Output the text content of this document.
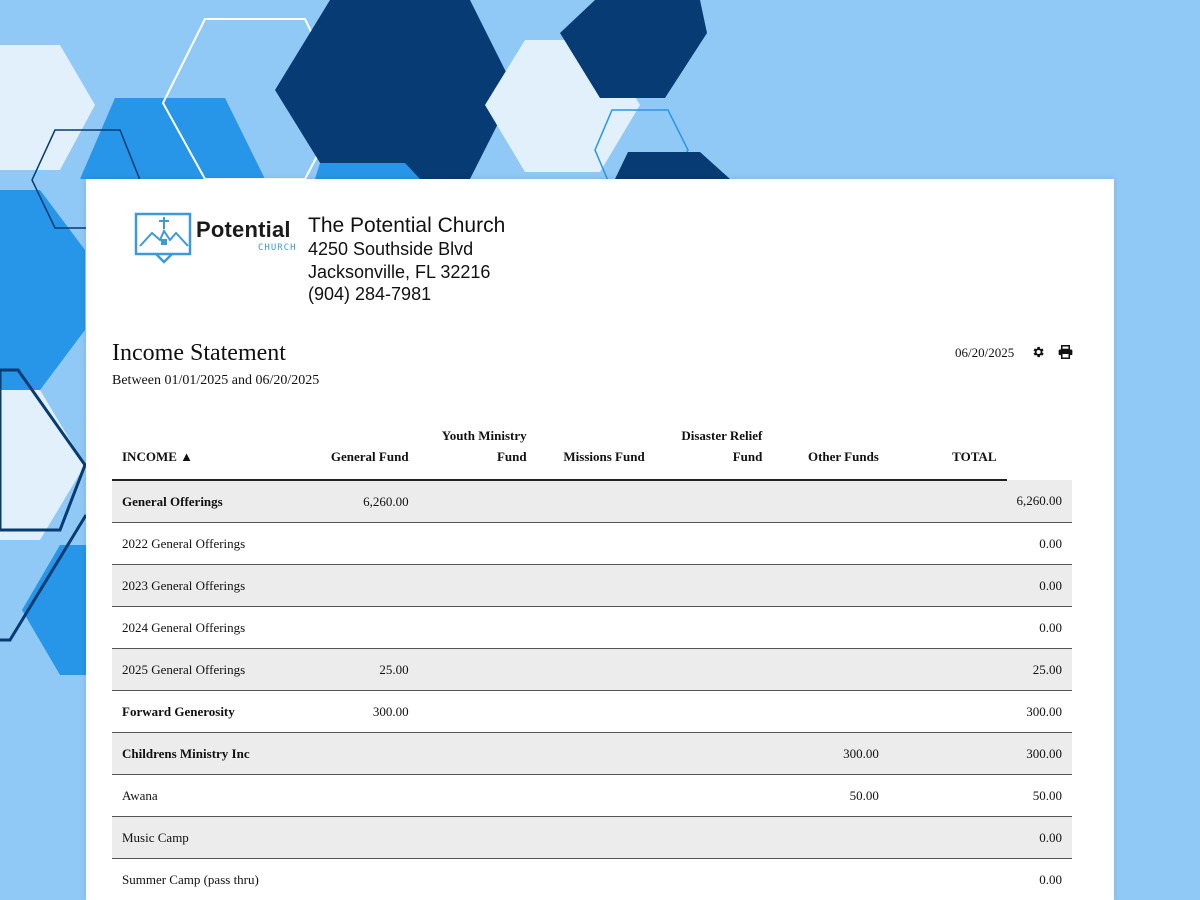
Potential
CHURCH
The Potential Church
4250 Southside Blvd
Jacksonville, FL 32216
(904) 284-7981
Income Statement
Between 01/01/2025 and 06/20/2025
06/20/2025
INCOME ▲	General Fund	Youth Ministry Fund	Missions Fund	Disaster Relief Fund	Other Funds	TOTAL	
General Offerings	6,260.00						6,260.00
2022 General Offerings							0.00
2023 General Offerings							0.00
2024 General Offerings							0.00
2025 General Offerings	25.00						25.00
Forward Generosity	300.00						300.00
Childrens Ministry Inc					300.00		300.00
Awana					50.00		50.00
Music Camp							0.00
Summer Camp (pass thru)							0.00
